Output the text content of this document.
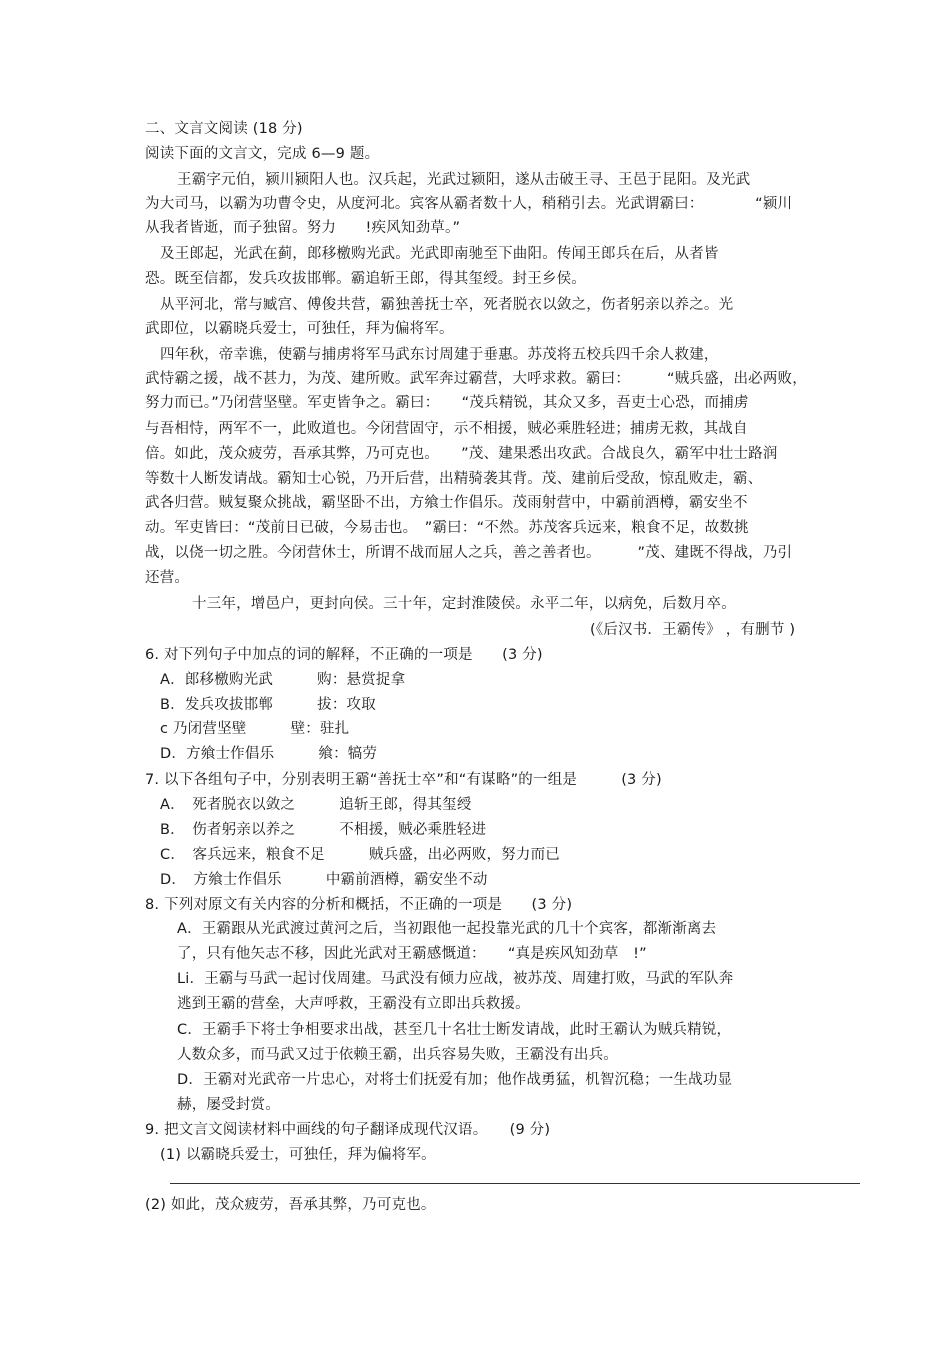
二、文言文阅读 (18 分)
阅读下面的文言文，完成 6—9 题。
王霸字元伯，颍川颍阳人也。汉兵起，光武过颍阳，遂从击破王寻、王邑于昆阳。及光武
为大司马，以霸为功曹令史，从度河北。宾客从霸者数十人，稍稍引去。光武谓霸曰：　　　　“颍川
从我者皆逝，而子独留。努力　　!疾风知劲草。”
及王郎起，光武在蓟，郎移檄购光武。光武即南驰至下曲阳。传闻王郎兵在后，从者皆
恐。既至信都，发兵攻拔邯郸。霸追斩王郎，得其玺绶。封王乡侯。
从平河北，常与臧宫、傅俊共营，霸独善抚士卒，死者脱衣以敛之，伤者躬亲以养之。光
武即位，以霸晓兵爱士，可独任，拜为偏将军。
四年秋，帝幸谯，使霸与捕虏将军马武东讨周建于垂惠。苏茂将五校兵四千余人救建，
武恃霸之援，战不甚力，为茂、建所败。武军奔过霸营，大呼求救。霸曰：　　　“贼兵盛，出必两败，
努力而已。”乃闭营坚壁。军吏皆争之。霸曰：　　“茂兵精锐，其众又多，吾吏士心恐，而捕虏
与吾相恃，两军不一，此败道也。今闭营固守，示不相援，贼必乘胜轻进；捕虏无救，其战自
倍。如此，茂众疲劳，吾承其弊，乃可克也。　　”茂、建果悉出攻武。合战良久，霸军中壮士路润
等数十人断发请战。霸知士心锐，乃开后营，出精骑袭其背。茂、建前后受敌，惊乱败走，霸、
武各归营。贼复聚众挑战，霸坚卧不出，方飨士作倡乐。茂雨射营中，中霸前酒樽，霸安坐不
动。军吏皆曰：“茂前日已破，今易击也。　”霸曰：“不然。苏茂客兵远来，粮食不足，故数挑
战，以侥一切之胜。今闭营休士，所谓不战而屈人之兵，善之善者也。　　　”茂、建既不得战，乃引
还营。
十三年，增邑户，更封向侯。三十年，定封淮陵侯。永平二年，以病免，后数月卒。
(《后汉书．王霸传》 ，有删节 )
6. 对下列句子中加点的词的解释，不正确的一项是　　(3 分)
A．郎移檄购光武　　　购：悬赏捉拿
B．发兵攻拔邯郸　　　拔：攻取
c 乃闭营坚壁　　　壁：驻扎
D．方飨士作倡乐　　　飨：犒劳
7. 以下各组句子中，分别表明王霸“善抚士卒”和“有谋略”的一组是　　　(3 分)
A．　死者脱衣以敛之　　　追斩王郎，得其玺绶
B．　伤者躬亲以养之　　　不相援，贼必乘胜轻进
C．　客兵远来，粮食不足　　　贼兵盛，出必两败，努力而已
D．　方飨士作倡乐　　　中霸前酒樽，霸安坐不动
8. 下列对原文有关内容的分析和概括，不正确的一项是　　(3 分)
A．王霸跟从光武渡过黄河之后，当初跟他一起投靠光武的几十个宾客，都渐渐离去
了，只有他矢志不移，因此光武对王霸感慨道：　　“真是疾风知劲草　!”
Li．王霸与马武一起讨伐周建。马武没有倾力应战，被苏茂、周建打败，马武的军队奔
逃到王霸的营垒，大声呼救，王霸没有立即出兵救援。
C．王霸手下将士争相要求出战，甚至几十名壮士断发请战，此时王霸认为贼兵精锐，
人数众多，而马武又过于依赖王霸，出兵容易失败，王霸没有出兵。
D．王霸对光武帝一片忠心，对将士们抚爱有加；他作战勇猛，机智沉稳；一生战功显
赫，屡受封赏。
9. 把文言文阅读材料中画线的句子翻译成现代汉语。　　(9 分)
(1) 以霸晓兵爱士，可独任，拜为偏将军。
(2) 如此，茂众疲劳，吾承其弊，乃可克也。
